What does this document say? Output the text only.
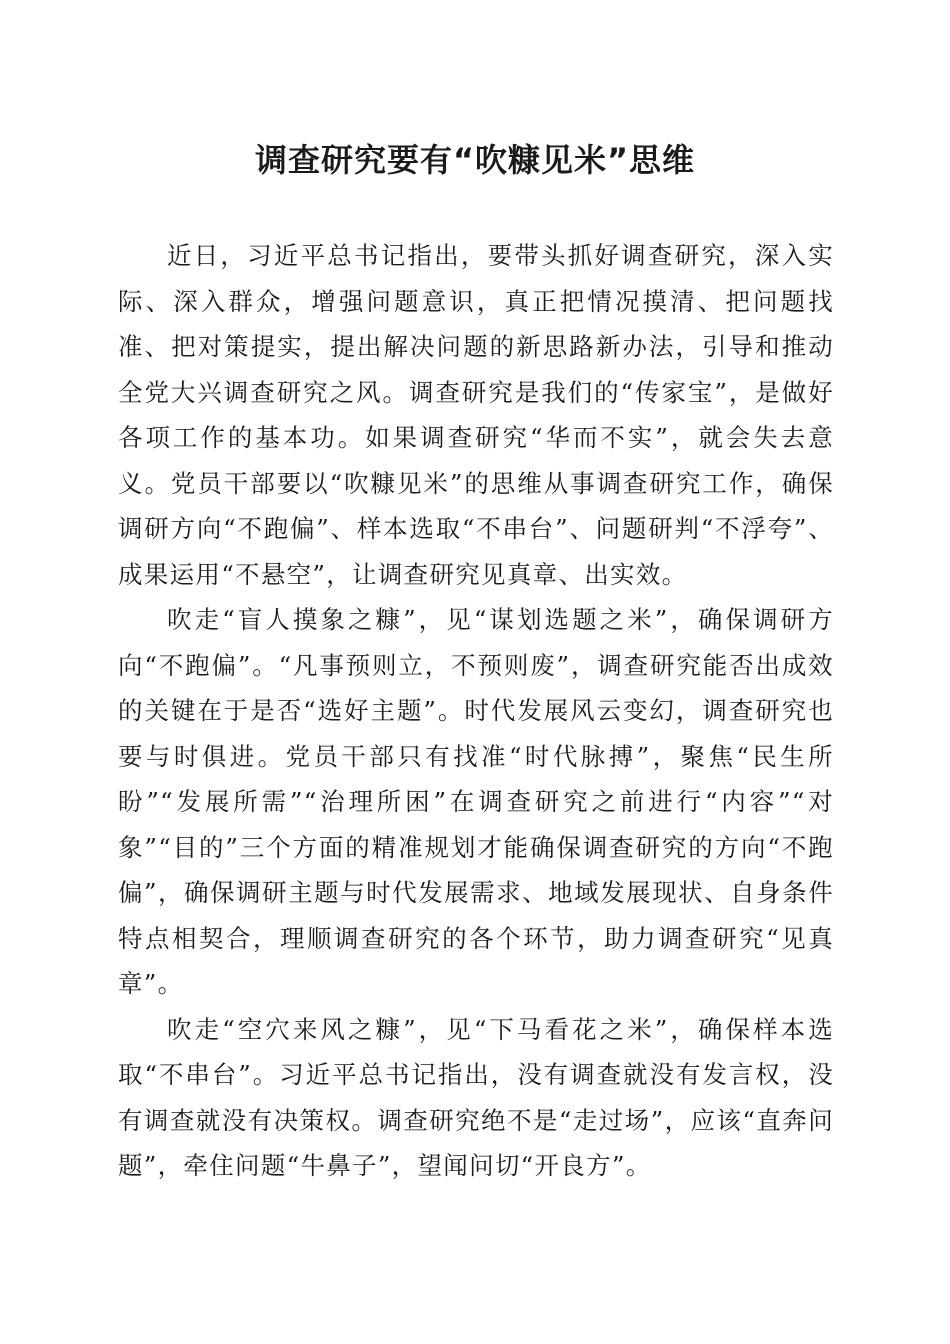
调查研究要有“吹糠见米”思维

近日，习近平总书记指出，要带头抓好调查研究，深入实际、深入群众，增强问题意识，真正把情况摸清、把问题找准、把对策提实，提出解决问题的新思路新办法，引导和推动全党大兴调查研究之风。调查研究是我们的“传家宝”，是做好各项工作的基本功。如果调查研究“华而不实”，就会失去意义。党员干部要以“吹糠见米”的思维从事调查研究工作，确保调研方向“不跑偏”、样本选取“不串台”、问题研判“不浮夸”、成果运用“不悬空”，让调查研究见真章、出实效。

吹走“盲人摸象之糠”，见“谋划选题之米”，确保调研方向“不跑偏”。“凡事预则立，不预则废”，调查研究能否出成效的关键在于是否“选好主题”。时代发展风云变幻，调查研究也要与时俱进。党员干部只有找准“时代脉搏”，聚焦“民生所盼”“发展所需”“治理所困”在调查研究之前进行“内容”“对象”“目的”三个方面的精准规划才能确保调查研究的方向“不跑偏”，确保调研主题与时代发展需求、地域发展现状、自身条件特点相契合，理顺调查研究的各个环节，助力调查研究“见真章”。

吹走“空穴来风之糠”，见“下马看花之米”，确保样本选取“不串台”。习近平总书记指出，没有调查就没有发言权，没有调查就没有决策权。调查研究绝不是“走过场”，应该“直奔问题”，牵住问题“牛鼻子”，望闻问切“开良方”。
